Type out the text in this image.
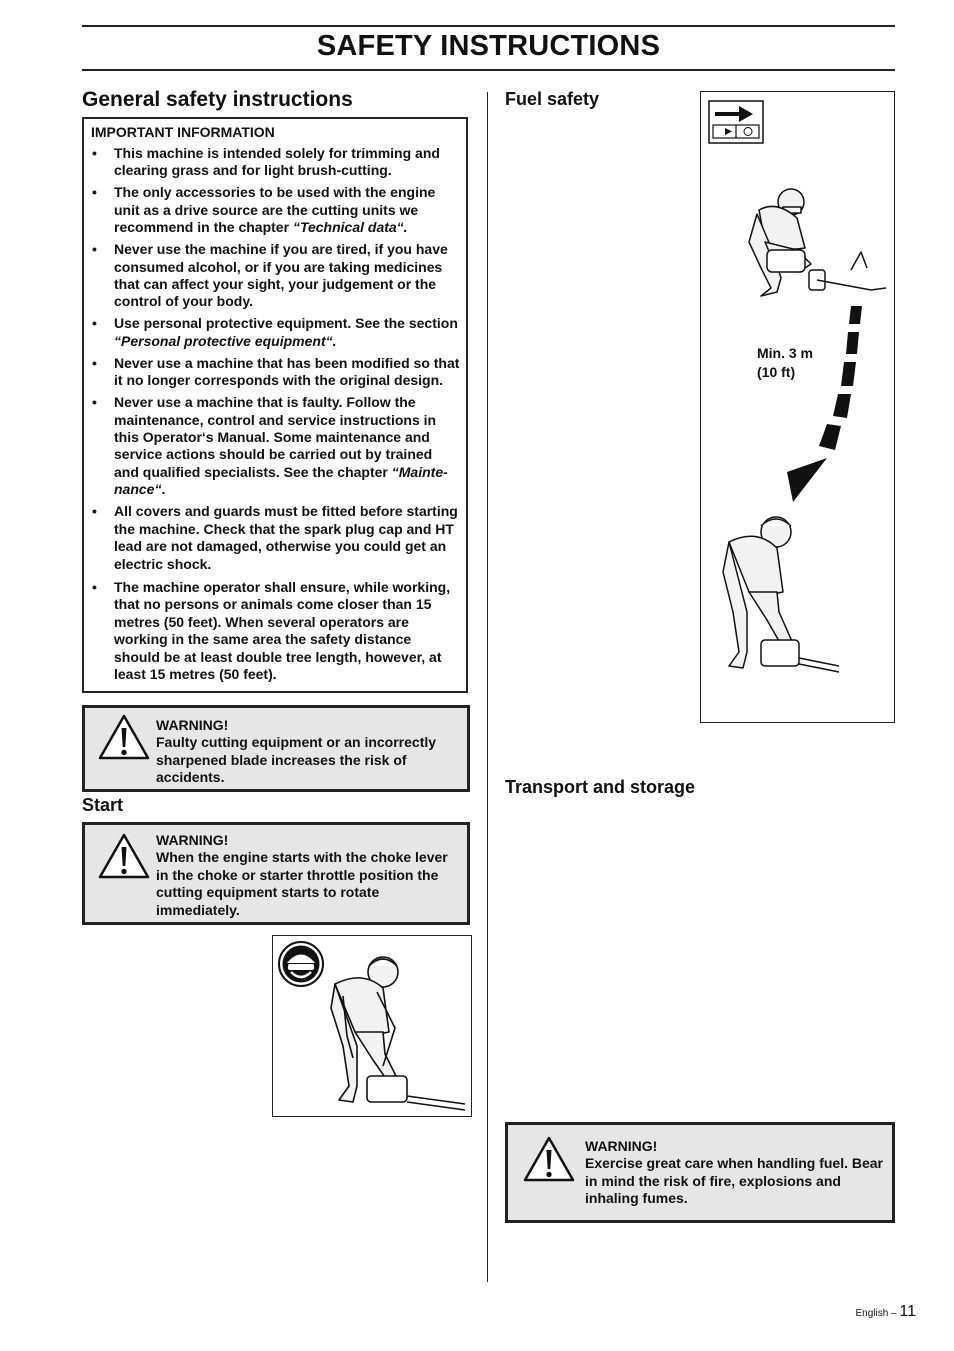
SAFETY INSTRUCTIONS
General safety instructions
IMPORTANT INFORMATION
• This machine is intended solely for trimming and clearing grass and for light brush-cutting.
• The only accessories to be used with the engine unit as a drive source are the cutting units we recommend in the chapter “Technical data“.
• Never use the machine if you are tired, if you have consumed alcohol, or if you are taking medicines that can affect your sight, your judgement or the control of your body.
• Use personal protective equipment. See the section “Personal protective equipment“.
• Never use a machine that has been modified so that it no longer corresponds with the original design.
• Never use a machine that is faulty. Follow the maintenance, control and service instructions in this Operator‘s Manual. Some maintenance and service actions should be carried out by trained and qualified specialists. See the chapter “Mainte-nance“.
• All covers and guards must be fitted before starting the machine. Check that the spark plug cap and HT lead are not damaged, otherwise you could get an electric shock.
• The machine operator shall ensure, while working, that no persons or animals come closer than 15 metres (50 feet). When several operators are working in the same area the safety distance should be at least double tree length, however, at least 15 metres (50 feet).
WARNING!
Faulty cutting equipment or an incorrectly sharpened blade increases the risk of accidents.
Start
WARNING!
When the engine starts with the choke lever in the choke or starter throttle position the cutting equipment starts to rotate immediately.
Fuel safety
Min. 3 m
(10 ft)
Transport and storage
WARNING!
Exercise great care when handling fuel. Bear in mind the risk of fire, explosions and inhaling fumes.
English – 11
